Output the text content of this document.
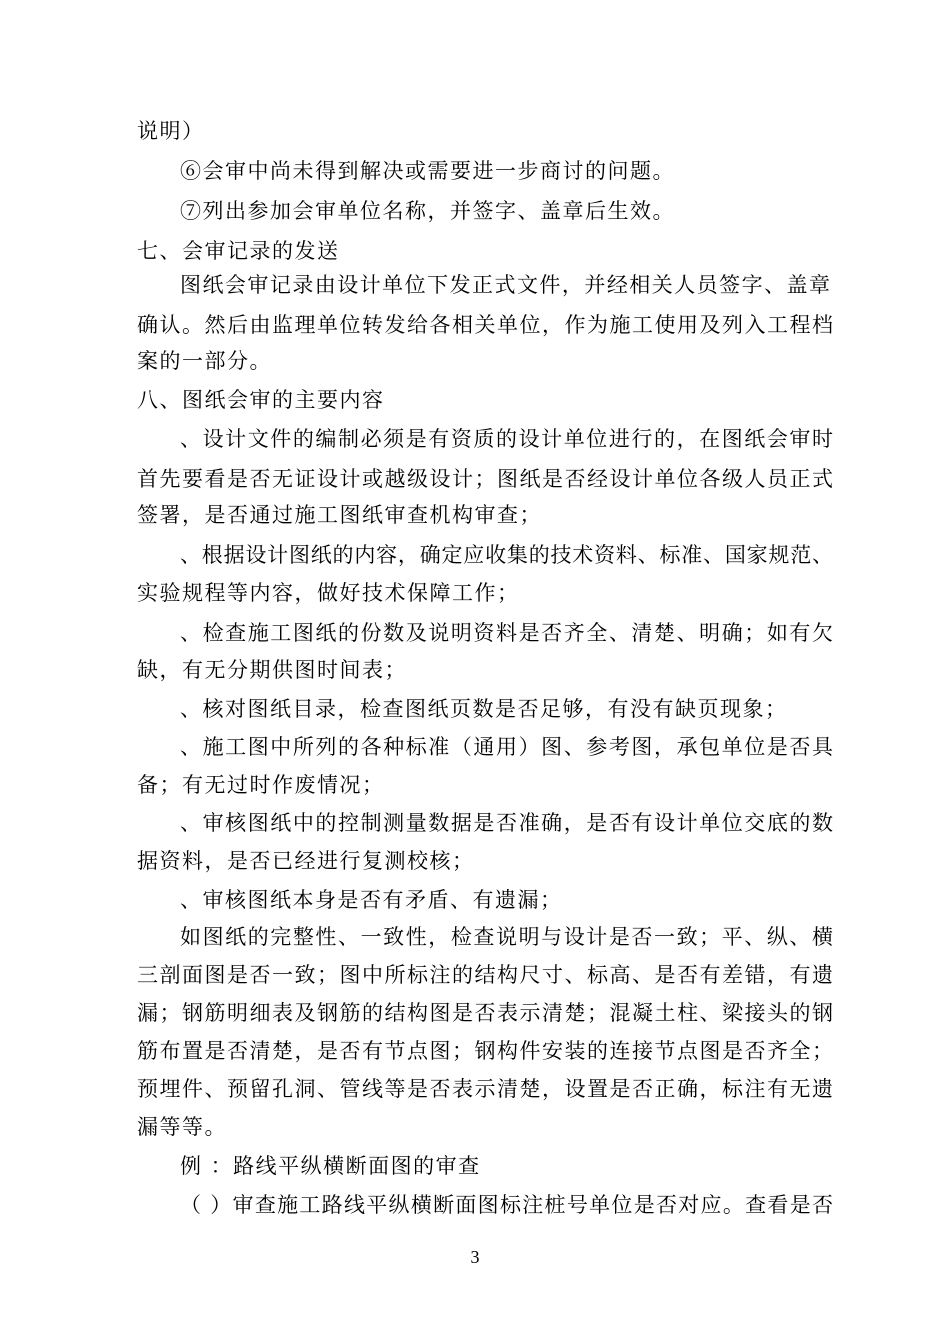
说明）
⑥会审中尚未得到解决或需要进一步商讨的问题。
⑦列出参加会审单位名称，并签字、盖章后生效。
七、会审记录的发送
图纸会审记录由设计单位下发正式文件，并经相关人员签字、盖章
确认。然后由监理单位转发给各相关单位，作为施工使用及列入工程档
案的一部分。
八、图纸会审的主要内容
、设计文件的编制必须是有资质的设计单位进行的，在图纸会审时
首先要看是否无证设计或越级设计；图纸是否经设计单位各级人员正式
签署，是否通过施工图纸审查机构审查；
、根据设计图纸的内容，确定应收集的技术资料、标准、国家规范、
实验规程等内容，做好技术保障工作；
、检查施工图纸的份数及说明资料是否齐全、清楚、明确；如有欠
缺，有无分期供图时间表；
、核对图纸目录，检查图纸页数是否足够，有没有缺页现象；
、施工图中所列的各种标准（通用）图、参考图，承包单位是否具
备；有无过时作废情况；
、审核图纸中的控制测量数据是否准确，是否有设计单位交底的数
据资料，是否已经进行复测校核；
、审核图纸本身是否有矛盾、有遗漏；
如图纸的完整性、一致性，检查说明与设计是否一致；平、纵、横
三剖面图是否一致；图中所标注的结构尺寸、标高、是否有差错，有遗
漏；钢筋明细表及钢筋的结构图是否表示清楚；混凝土柱、梁接头的钢
筋布置是否清楚，是否有节点图；钢构件安装的连接节点图是否齐全；
预埋件、预留孔洞、管线等是否表示清楚，设置是否正确，标注有无遗
漏等等。
例 ：路线平纵横断面图的审查
（ ）审查施工路线平纵横断面图标注桩号单位是否对应。查看是否
3
